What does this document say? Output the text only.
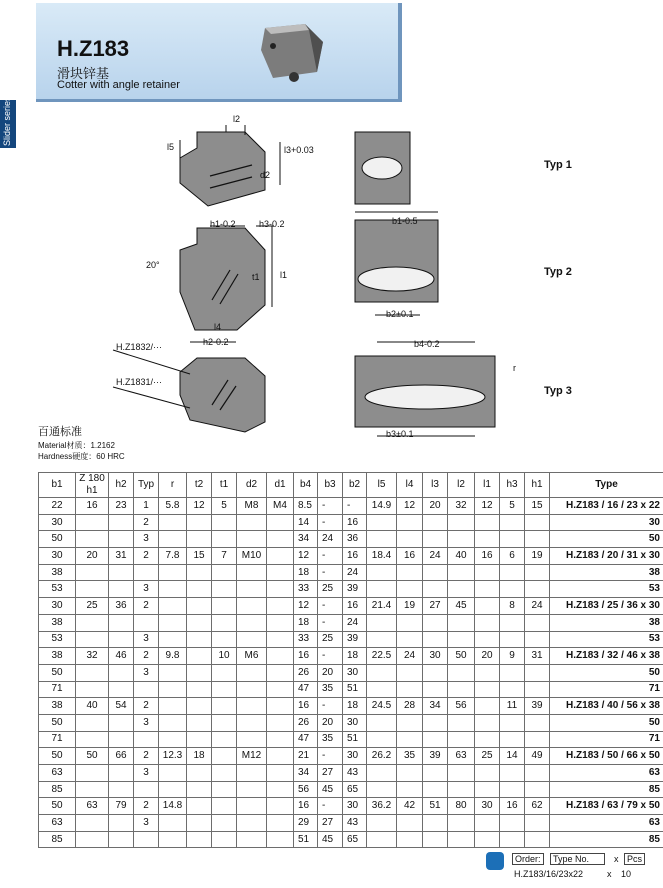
H.Z183
滑块锌基
Cotter with angle retainer
Slider series	l2
l5	l3+0.03
d2
h1-0.2	h3-0.2	b1-0.5
b2±0.1
b4-0.2
b3±0.1
l1
l4
h2-0.2
20°
t1
r
H.Z1832/···
H.Z1831/···
Typ 1
Typ 2
Typ 3
百通标准
Material材质：1.2162
Hardness硬度：60 HRC
b1	Z 180 h1	h2	Typ	r	t2	t1	d2	d1	b4	b3	b2	l5	l4	l3	l2	l1	h3	h1	Type
22	16	23	1	5.8	12	5	M8	M4	8.5	-	-	14.9	12	20	32	12	5	15	H.Z183 / 16 / 23 x 22
30			2						14	-	16								30
50			3						34	24	36								50
30	20	31	2	7.8	15	7	M10		12	-	16	18.4	16	24	40	16	6	19	H.Z183 / 20 / 31 x 30
38									18	-	24								38
53			3						33	25	39								53
30	25	36	2						12	-	16	21.4	19	27	45		8	24	H.Z183 / 25 / 36 x 30
38									18	-	24								38
53			3						33	25	39								53
38	32	46	2	9.8		10	M6		16	-	18	22.5	24	30	50	20	9	31	H.Z183 / 32 / 46 x 38
50			3						26	20	30								50
71									47	35	51								71
38	40	54	2						16	-	18	24.5	28	34	56		11	39	H.Z183 / 40 / 56 x 38
50			3						26	20	30								50
71									47	35	51								71
50	50	66	2	12.3	18		M12		21	-	30	26.2	35	39	63	25	14	49	H.Z183 / 50 / 66 x 50
63			3						34	27	43								63
85									56	45	65								85
50	63	79	2	14.8					16	-	30	36.2	42	51	80	30	16	62	H.Z183 / 63 / 79 x 50
63			3						29	27	43								63
85									51	45	65								85
Order:	Type No.	x Pcs
H.Z183/16/23x22	x 10
